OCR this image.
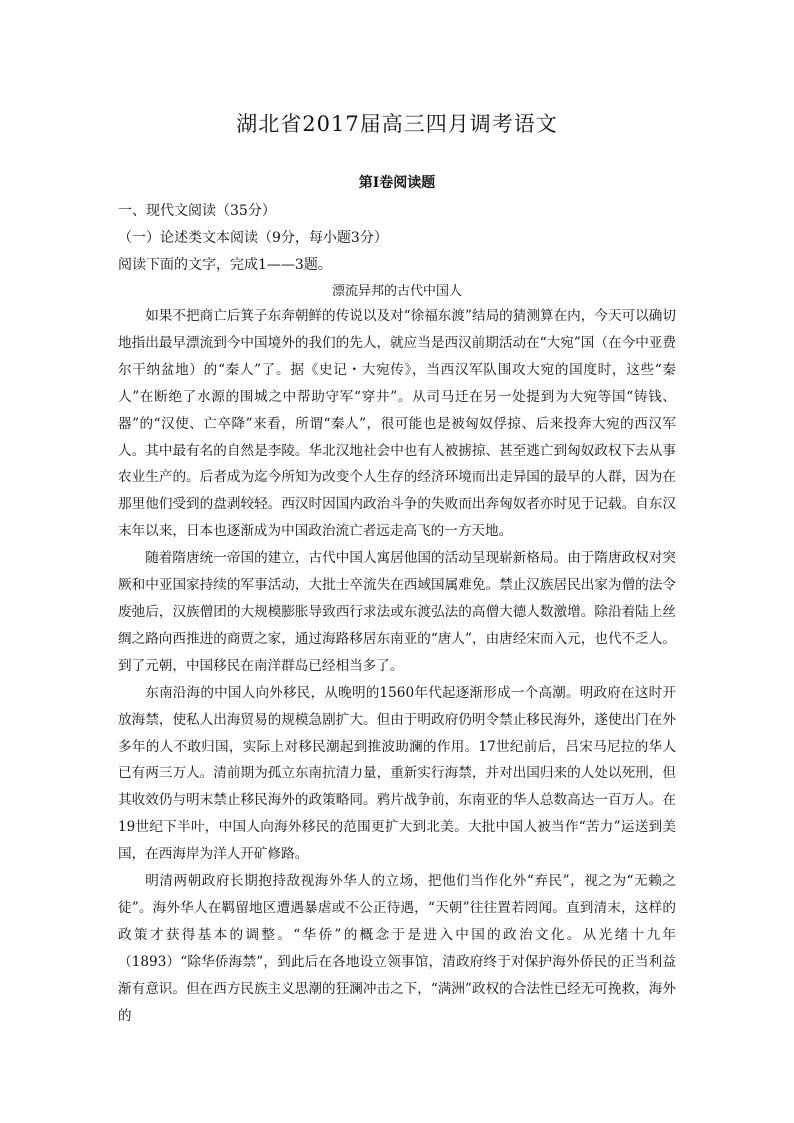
湖北省2017届高三四月调考语文
第I卷阅读题
一、现代文阅读（35分）
（一）论述类文本阅读（9分，每小题3分）
阅读下面的文字，完成1——3题。
漂流异邦的古代中国人

如果不把商亡后箕子东奔朝鲜的传说以及对“徐福东渡”结局的猜测算在内，今天可以确切地指出最早漂流到今中国境外的我们的先人，就应当是西汉前期活动在“大宛”国（在今中亚费尔干纳盆地）的“秦人”了。据《史记・大宛传》，当西汉军队围攻大宛的国度时，这些“秦人”在断绝了水源的围城之中帮助守军“穿井”。从司马迁在另一处提到为大宛等国“铸钱、器”的“汉使、亡卒降”来看，所谓“秦人”，很可能也是被匈奴俘掠、后来投奔大宛的西汉军人。其中最有名的自然是李陵。华北汉地社会中也有人被掳掠、甚至逃亡到匈奴政权下去从事农业生产的。后者成为迄今所知为改变个人生存的经济环境而出走异国的最早的人群，因为在那里他们受到的盘剥较轻。西汉时因国内政治斗争的失败而出奔匈奴者亦时见于记载。自东汉末年以来，日本也逐渐成为中国政治流亡者远走高飞的一方天地。

随着隋唐统一帝国的建立，古代中国人寓居他国的活动呈现崭新格局。由于隋唐政权对突厥和中亚国家持续的军事活动，大批士卒流失在西域国属难免。禁止汉族居民出家为僧的法令废弛后，汉族僧团的大规模膨胀导致西行求法或东渡弘法的高僧大德人数激增。除沿着陆上丝绸之路向西推进的商贾之家，通过海路移居东南亚的“唐人”，由唐经宋而入元，也代不乏人。到了元朝，中国移民在南洋群岛已经相当多了。

东南沿海的中国人向外移民，从晚明的1560年代起逐渐形成一个高潮。明政府在这时开放海禁，使私人出海贸易的规模急剧扩大。但由于明政府仍明令禁止移民海外，遂使出门在外多年的人不敢归国，实际上对移民潮起到推波助澜的作用。17世纪前后，吕宋马尼拉的华人已有两三万人。清前期为孤立东南抗清力量，重新实行海禁，并对出国归来的人处以死刑，但其收效仍与明末禁止移民海外的政策略同。鸦片战争前，东南亚的华人总数高达一百万人。在19世纪下半叶，中国人向海外移民的范围更扩大到北美。大批中国人被当作“苦力”运送到美国，在西海岸为洋人开矿修路。

明清两朝政府长期抱持敌视海外华人的立场，把他们当作化外“弃民”，视之为“无赖之徒”。海外华人在羁留地区遭遇暴虐或不公正待遇，“天朝”往往置若罔闻。直到清末，这样的政策才获得基本的调整。“华侨”的概念于是进入中国的政治文化。从光绪十九年（1893）“除华侨海禁”，到此后在各地设立领事馆，清政府终于对保护海外侨民的正当利益渐有意识。但在西方民族主义思潮的狂澜冲击之下，“满洲”政权的合法性已经无可挽救，海外的
